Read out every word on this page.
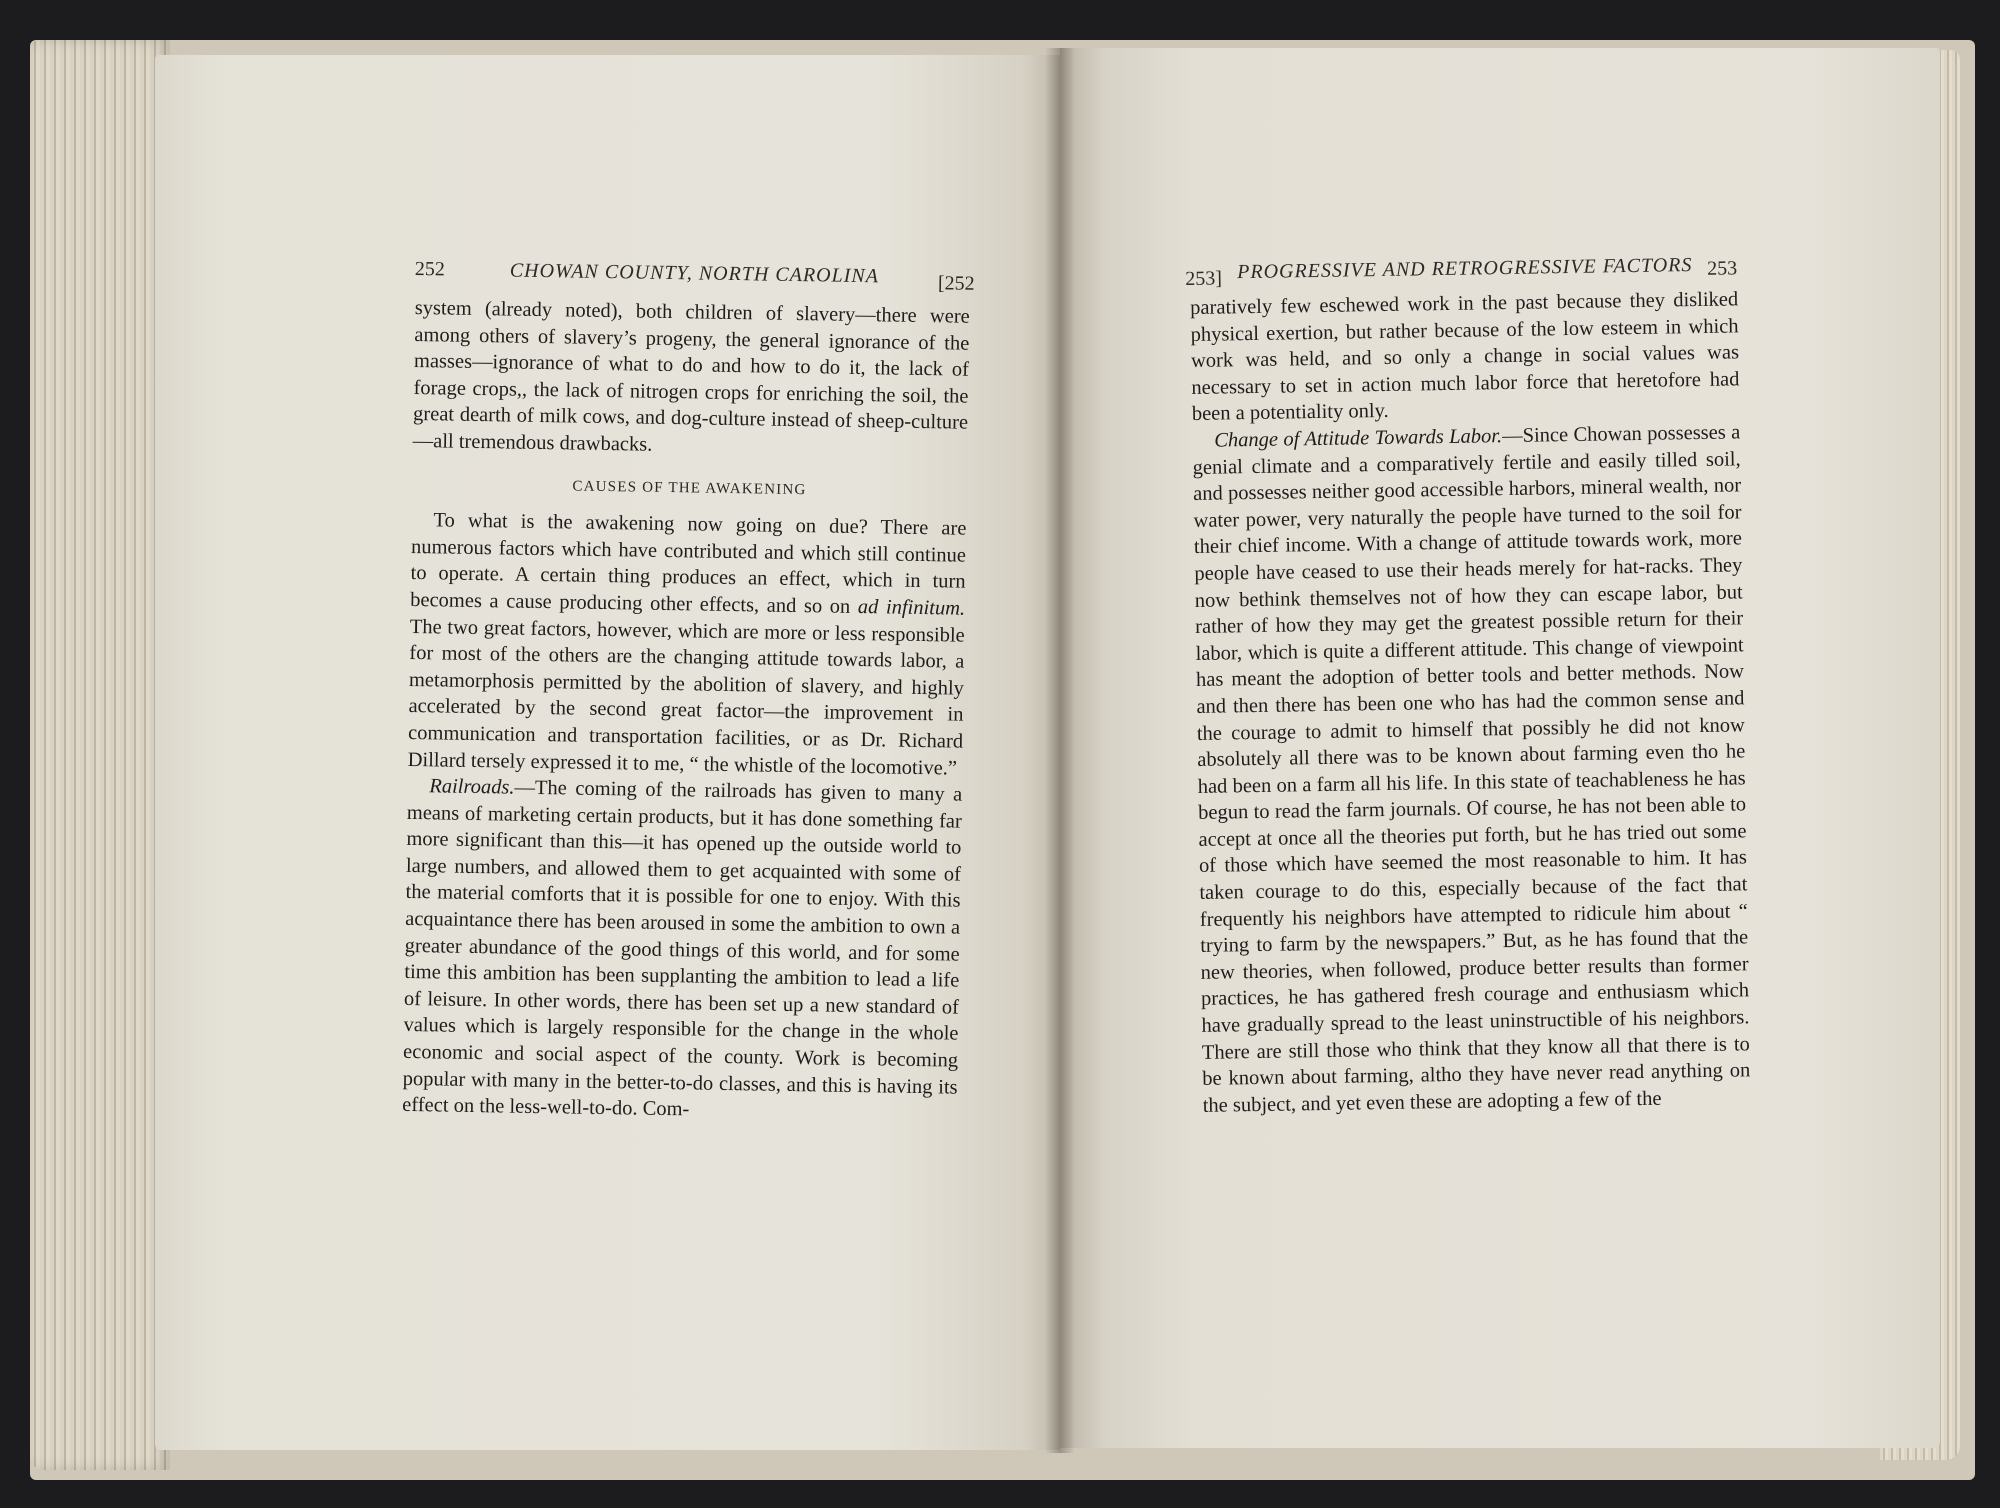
252	CHOWAN COUNTY, NORTH CAROLINA	[252

system (already noted), both children of slavery—there were among others of slavery’s progeny, the general ignorance of the masses—ignorance of what to do and how to do it, the lack of forage crops,, the lack of nitrogen crops for enriching the soil, the great dearth of milk cows, and dog-culture instead of sheep-culture—all tremendous drawbacks.

CAUSES OF THE AWAKENING

To what is the awakening now going on due? There are numerous factors which have contributed and which still continue to operate. A certain thing produces an effect, which in turn becomes a cause producing other effects, and so on ad infinitum. The two great factors, however, which are more or less responsible for most of the others are the changing attitude towards labor, a metamorphosis permitted by the abolition of slavery, and highly accelerated by the second great factor—the improvement in communication and transportation facilities, or as Dr. Richard Dillard tersely expressed it to me, “ the whistle of the locomotive.”

Railroads.—The coming of the railroads has given to many a means of marketing certain products, but it has done something far more significant than this—it has opened up the outside world to large numbers, and allowed them to get acquainted with some of the material comforts that it is possible for one to enjoy. With this acquaintance there has been aroused in some the ambition to own a greater abundance of the good things of this world, and for some time this ambition has been supplanting the ambition to lead a life of leisure. In other words, there has been set up a new standard of values which is largely responsible for the change in the whole economic and social aspect of the county. Work is becoming popular with many in the better-to-do classes, and this is having its effect on the less-well-to-do. Com-

253] PROGRESSIVE AND RETROGRESSIVE FACTORS 253

paratively few eschewed work in the past because they disliked physical exertion, but rather because of the low esteem in which work was held, and so only a change in social values was necessary to set in action much labor force that heretofore had been a potentiality only.

Change of Attitude Towards Labor.—Since Chowan possesses a genial climate and a comparatively fertile and easily tilled soil, and possesses neither good accessible harbors, mineral wealth, nor water power, very naturally the people have turned to the soil for their chief income. With a change of attitude towards work, more people have ceased to use their heads merely for hat-racks. They now bethink themselves not of how they can escape labor, but rather of how they may get the greatest possible return for their labor, which is quite a different attitude. This change of viewpoint has meant the adoption of better tools and better methods. Now and then there has been one who has had the common sense and the courage to admit to himself that possibly he did not know absolutely all there was to be known about farming even tho he had been on a farm all his life. In this state of teachableness he has begun to read the farm journals. Of course, he has not been able to accept at once all the theories put forth, but he has tried out some of those which have seemed the most reasonable to him. It has taken courage to do this, especially because of the fact that frequently his neighbors have attempted to ridicule him about “ trying to farm by the newspapers.” But, as he has found that the new theories, when followed, produce better results than former practices, he has gathered fresh courage and enthusiasm which have gradually spread to the least uninstructible of his neighbors. There are still those who think that they know all that there is to be known about farming, altho they have never read anything on the subject, and yet even these are adopting a few of the
